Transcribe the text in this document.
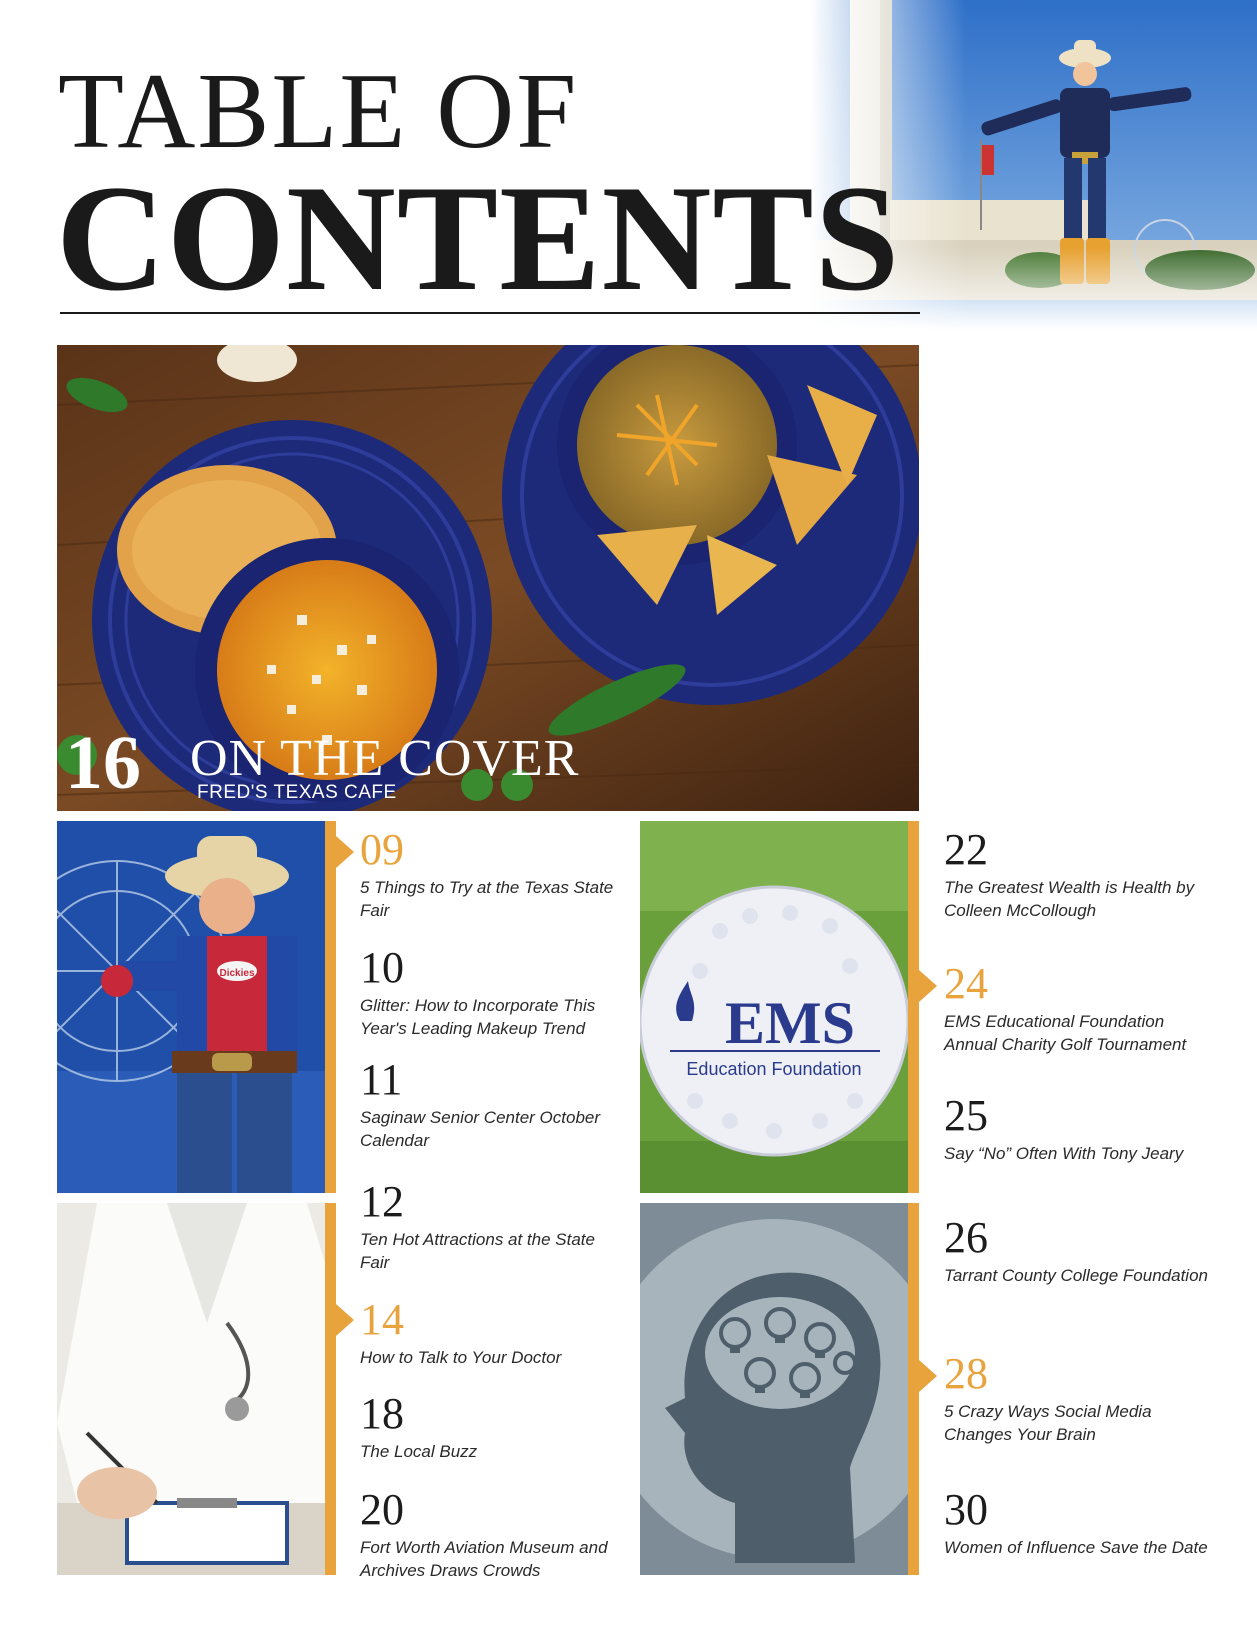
TABLE OF
CONTENTS
16 ON THE COVER
FRED'S TEXAS CAFE
Dickies
EMS
Education Foundation
09
5 Things to Try at the Texas State Fair
10
Glitter: How to Incorporate This Year's Leading Makeup Trend
11
Saginaw Senior Center October Calendar
12
Ten Hot Attractions at the State Fair
14
How to Talk to Your Doctor
18
The Local Buzz
20
Fort Worth Aviation Museum and Archives Draws Crowds
22
The Greatest Wealth is Health by Colleen McCollough
24
EMS Educational Foundation Annual Charity Golf Tournament
25
Say “No” Often With Tony Jeary
26
Tarrant County College Foundation
28
5 Crazy Ways Social Media Changes Your Brain
30
Women of Influence Save the Date
